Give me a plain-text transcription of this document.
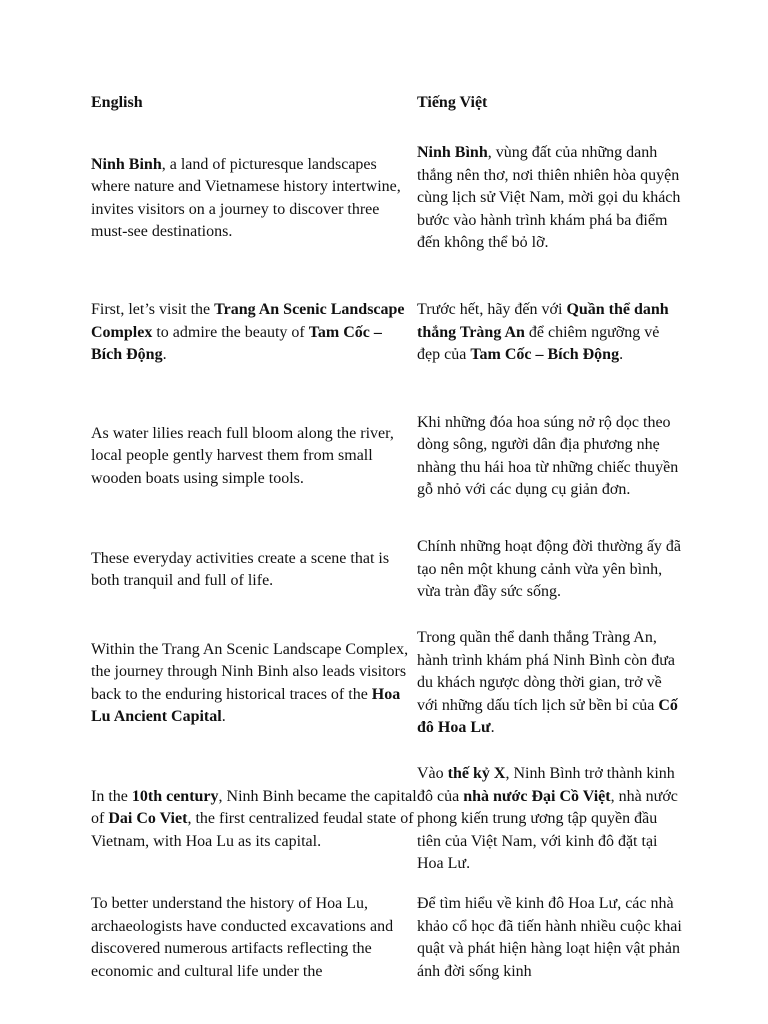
English	Tiếng Việt

Ninh Binh, a land of picturesque landscapes where nature and Vietnamese history intertwine, invites visitors on a journey to discover three must-see destinations.

Ninh Bình, vùng đất của những danh thắng nên thơ, nơi thiên nhiên hòa quyện cùng lịch sử Việt Nam, mời gọi du khách bước vào hành trình khám phá ba điểm đến không thể bỏ lỡ.

First, let’s visit the Trang An Scenic Landscape Complex to admire the beauty of Tam Cốc – Bích Động.

Trước hết, hãy đến với Quần thể danh thắng Tràng An để chiêm ngưỡng vẻ đẹp của Tam Cốc – Bích Động.

As water lilies reach full bloom along the river, local people gently harvest them from small wooden boats using simple tools.

Khi những đóa hoa súng nở rộ dọc theo dòng sông, người dân địa phương nhẹ nhàng thu hái hoa từ những chiếc thuyền gỗ nhỏ với các dụng cụ giản đơn.

These everyday activities create a scene that is both tranquil and full of life.

Chính những hoạt động đời thường ấy đã tạo nên một khung cảnh vừa yên bình, vừa tràn đầy sức sống.

Within the Trang An Scenic Landscape Complex, the journey through Ninh Binh also leads visitors back to the enduring historical traces of the Hoa Lu Ancient Capital.

Trong quần thể danh thắng Tràng An, hành trình khám phá Ninh Bình còn đưa du khách ngược dòng thời gian, trở về với những dấu tích lịch sử bền bỉ của Cố đô Hoa Lư.

In the 10th century, Ninh Binh became the capital of Dai Co Viet, the first centralized feudal state of Vietnam, with Hoa Lu as its capital.

Vào thế kỷ X, Ninh Bình trở thành kinh đô của nhà nước Đại Cồ Việt, nhà nước phong kiến trung ương tập quyền đầu tiên của Việt Nam, với kinh đô đặt tại Hoa Lư.

To better understand the history of Hoa Lu, archaeologists have conducted excavations and discovered numerous artifacts reflecting the economic and cultural life under the

Để tìm hiểu về kinh đô Hoa Lư, các nhà khảo cổ học đã tiến hành nhiều cuộc khai quật và phát hiện hàng loạt hiện vật phản ánh đời sống kinh
